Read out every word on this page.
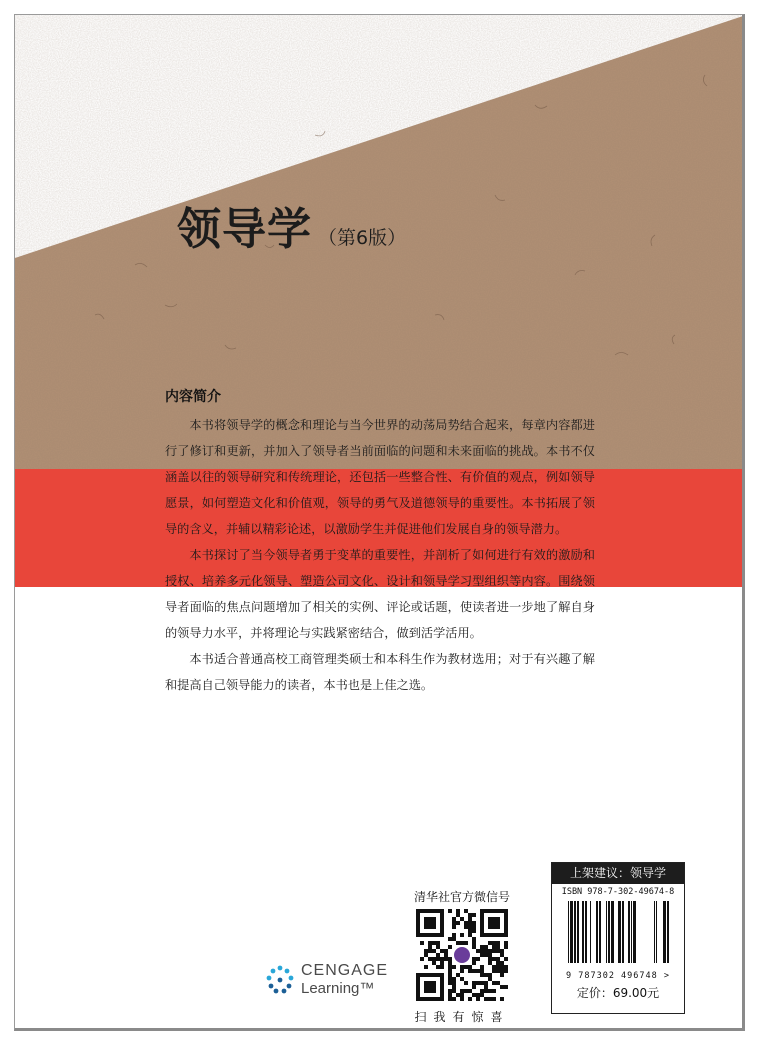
领导学 （第6版）
内容简介

本书将领导学的概念和理论与当今世界的动荡局势结合起来，每章内容都进行了修订和更新，并加入了领导者当前面临的问题和未来面临的挑战。本书不仅涵盖以往的领导研究和传统理论，还包括一些整合性、有价值的观点，例如领导愿景，如何塑造文化和价值观，领导的勇气及道德领导的重要性。本书拓展了领导的含义，并辅以精彩论述，以激励学生并促进他们发展自身的领导潜力。

本书探讨了当今领导者勇于变革的重要性，并剖析了如何进行有效的激励和授权、培养多元化领导、塑造公司文化、设计和领导学习型组织等内容。围绕领导者面临的焦点问题增加了相关的实例、评论或话题，使读者进一步地了解自身的领导力水平，并将理论与实践紧密结合，做到活学活用。

本书适合普通高校工商管理类硕士和本科生作为教材选用；对于有兴趣了解和提高自己领导能力的读者，本书也是上佳之选。

CENGAGE
Learning™
清华社官方微信号
扫我有惊喜
上架建议：领导学
ISBN 978-7-302-49674-8
9 787302 496748 >
定价：69.00元
